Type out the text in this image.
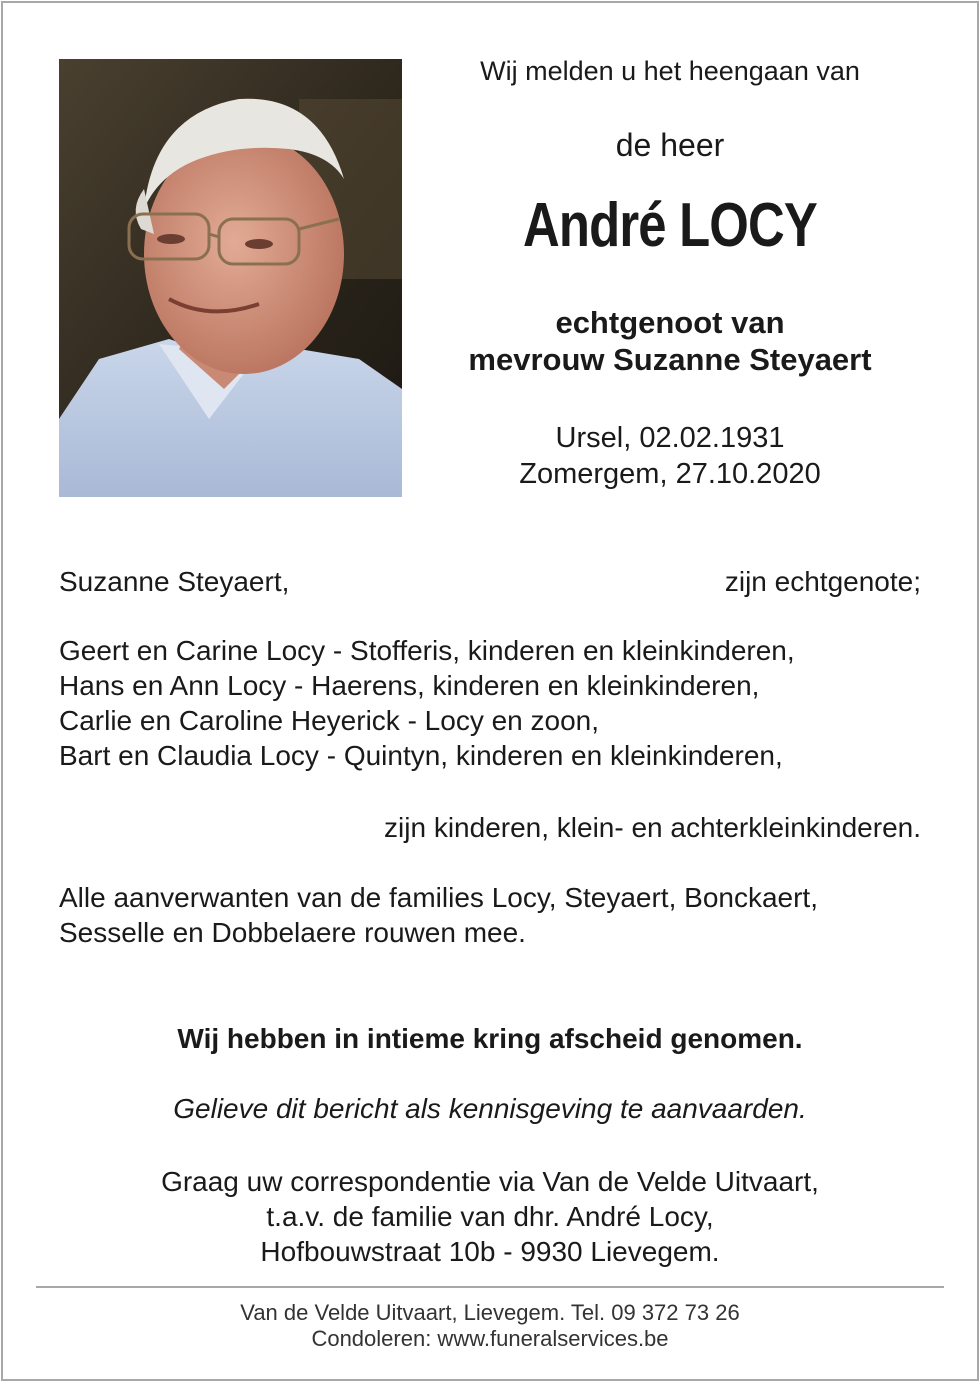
Wij melden u het heengaan van
de heer
André LOCY
echtgenoot van
mevrouw Suzanne Steyaert
Ursel, 02.02.1931
Zomergem, 27.10.2020
Suzanne Steyaert,	zijn echtgenote;
Geert en Carine Locy - Stofferis, kinderen en kleinkinderen,
Hans en Ann Locy - Haerens, kinderen en kleinkinderen,
Carlie en Caroline Heyerick - Locy en zoon,
Bart en Claudia Locy - Quintyn, kinderen en kleinkinderen,
zijn kinderen, klein- en achterkleinkinderen.
Alle aanverwanten van de families Locy, Steyaert, Bonckaert,
Sesselle en Dobbelaere rouwen mee.
Wij hebben in intieme kring afscheid genomen.
Gelieve dit bericht als kennisgeving te aanvaarden.
Graag uw correspondentie via Van de Velde Uitvaart,
t.a.v. de familie van dhr. André Locy,
Hofbouwstraat 10b - 9930 Lievegem.
Van de Velde Uitvaart, Lievegem. Tel. 09 372 73 26
Condoleren: www.funeralservices.be
